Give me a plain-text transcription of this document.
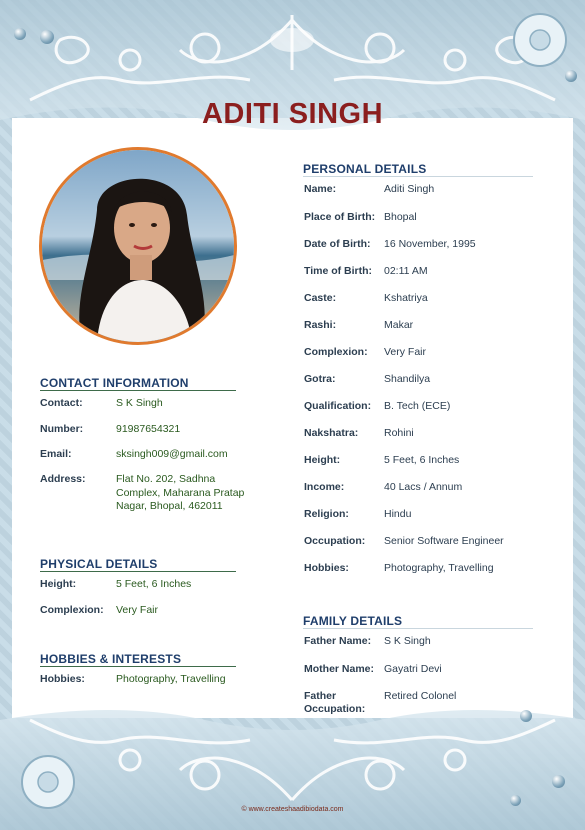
ADITI SINGH
CONTACT INFORMATION
Contact:	S K Singh
Number:	91987654321
Email:	sksingh009@gmail.com
Address:	Flat No. 202, Sadhna
Complex, Maharana Pratap
Nagar, Bhopal, 462011
PHYSICAL DETAILS
Height:	5 Feet, 6 Inches
Complexion: Very Fair
HOBBIES & INTERESTS
Hobbies:	Photography, Travelling
PERSONAL DETAILS
Name:	Aditi Singh
Place of Birth: Bhopal
Date of Birth: 16 November, 1995
Time of Birth: 02:11 AM
Caste:	Kshatriya
Rashi:	Makar
Complexion: Very Fair
Gotra:	Shandilya
Qualification: B. Tech (ECE)
Nakshatra: Rohini
Height:	5 Feet, 6 Inches
Income:	40 Lacs / Annum
Religion:	Hindu
Occupation: Senior Software Engineer
Hobbies:	Photography, Travelling
FAMILY DETAILS
Father Name: S K Singh
Mother Name: Gayatri Devi
Father
Occupation:
Retired Colonel
© www.createshaadibiodata.com
